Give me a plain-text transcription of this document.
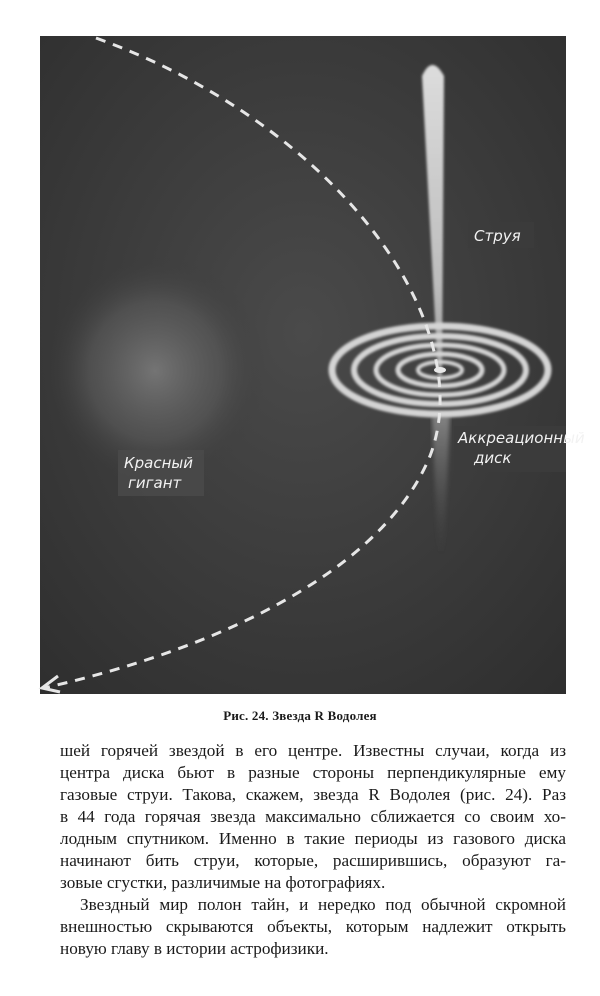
Струя
Аккреационный
диск
Красный
гигант
Рис. 24. Звезда R Водолея
шей горячей звездой в его центре. Известны случаи, когда из
центра диска бьют в разные стороны перпендикулярные ему
газовые струи. Такова, скажем, звезда R Водолея (рис. 24). Раз
в 44 года горячая звезда максимально сближается со своим хо-
лодным спутником. Именно в такие периоды из газового диска
начинают бить струи, которые, расширившись, образуют га-
зовые сгустки, различимые на фотографиях.
Звездный мир полон тайн, и нередко под обычной скромной
внешностью скрываются объекты, которым надлежит открыть
новую главу в истории астрофизики.
